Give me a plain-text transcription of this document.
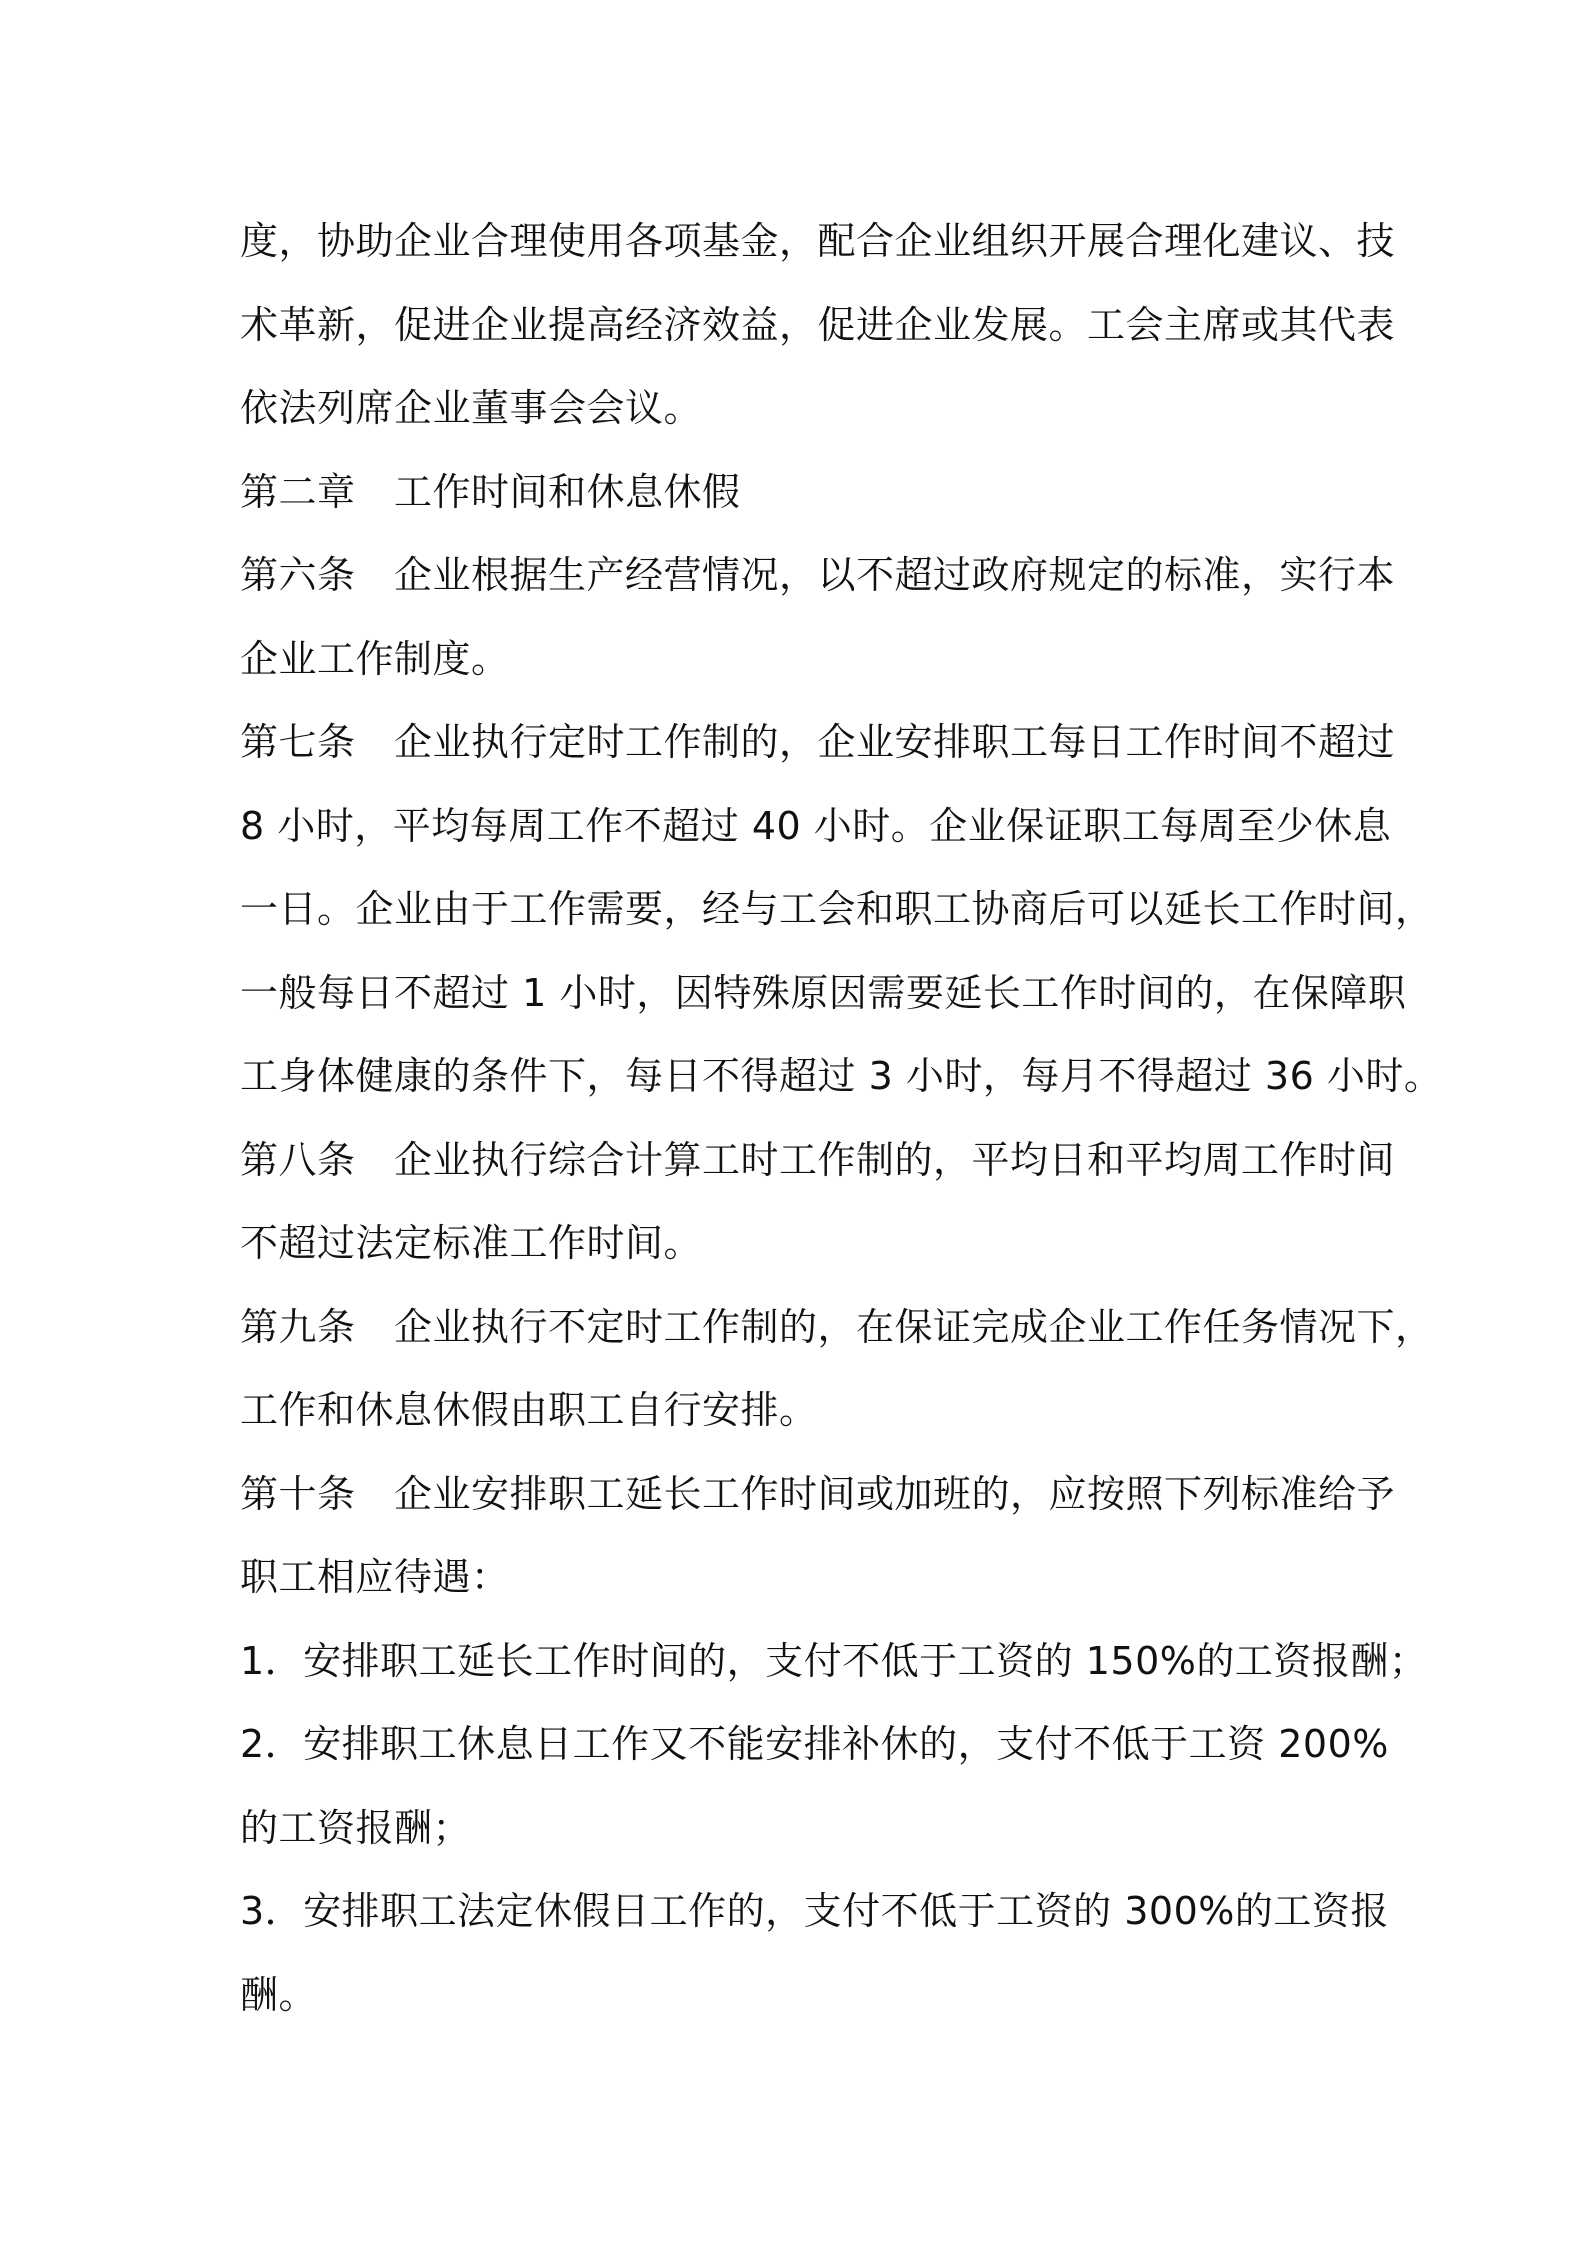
度，协助企业合理使用各项基金，配合企业组织开展合理化建议、技
术革新，促进企业提高经济效益，促进企业发展。工会主席或其代表
依法列席企业董事会会议。
第二章　工作时间和休息休假
第六条　企业根据生产经营情况，以不超过政府规定的标准，实行本
企业工作制度。
第七条　企业执行定时工作制的，企业安排职工每日工作时间不超过
8 小时，平均每周工作不超过 40 小时。企业保证职工每周至少休息
一日。企业由于工作需要，经与工会和职工协商后可以延长工作时间，
一般每日不超过 1 小时，因特殊原因需要延长工作时间的，在保障职
工身体健康的条件下，每日不得超过 3 小时，每月不得超过 36 小时。
第八条　企业执行综合计算工时工作制的，平均日和平均周工作时间
不超过法定标准工作时间。
第九条　企业执行不定时工作制的，在保证完成企业工作任务情况下，
工作和休息休假由职工自行安排。
第十条　企业安排职工延长工作时间或加班的，应按照下列标准给予
职工相应待遇：
1．安排职工延长工作时间的，支付不低于工资的 150%的工资报酬；
2．安排职工休息日工作又不能安排补休的，支付不低于工资 200%
的工资报酬；
3．安排职工法定休假日工作的，支付不低于工资的 300%的工资报
酬。
